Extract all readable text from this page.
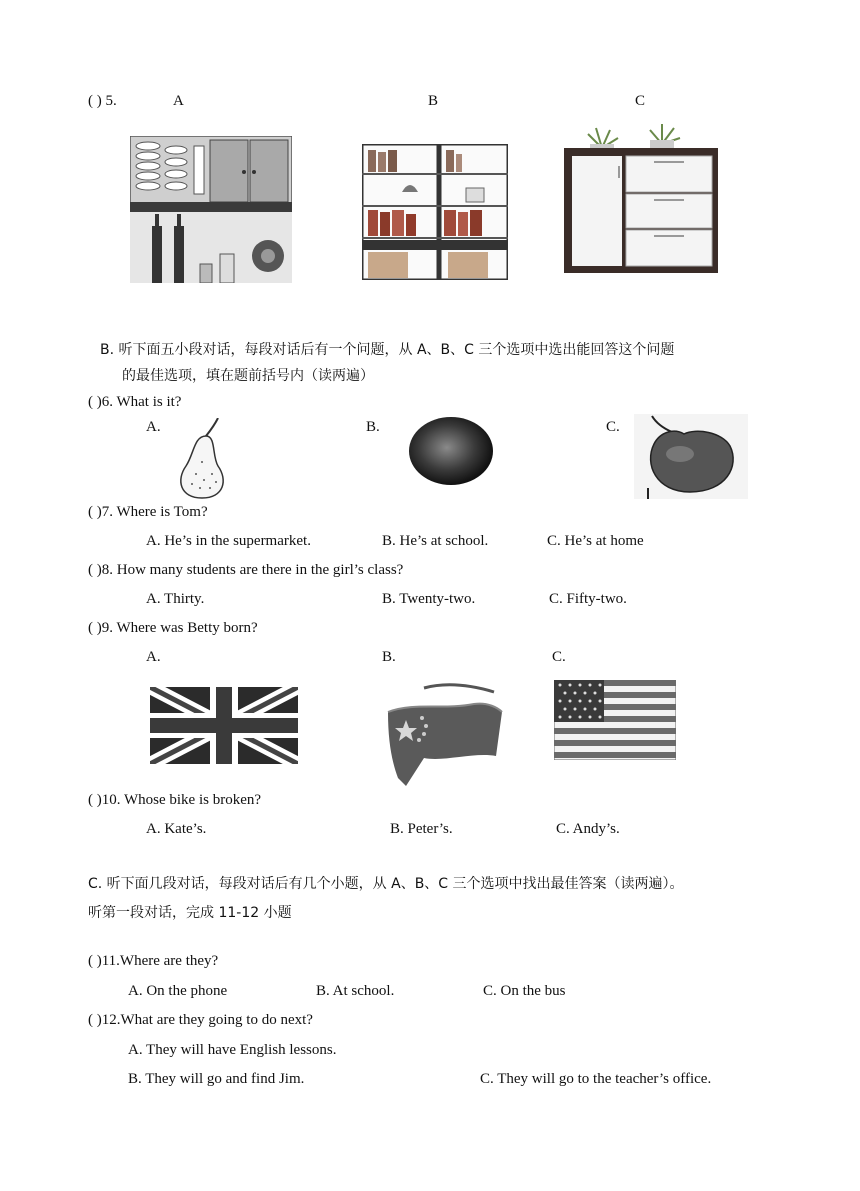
( ) 5.	A	B	C
B. 听下面五小段对话，每段对话后有一个问题，从 A、B、C 三个选项中选出能回答这个问题
的最佳选项，填在题前括号内（读两遍）
( )6. What is it?
A.	B.	C.
( )7. Where is Tom?
A. He’s in the supermarket.	B. He’s at school.	C. He’s at home
( )8. How many students are there in the girl’s class?
A. Thirty.	B. Twenty-two.	C. Fifty-two.
( )9. Where was Betty born?
A.	B.	C.
( )10. Whose bike is broken?
A. Kate’s.	B. Peter’s.	C. Andy’s.
C. 听下面几段对话，每段对话后有几个小题，从 A、B、C 三个选项中找出最佳答案（读两遍）。
听第一段对话，完成 11-12 小题
( )11.Where are they?
A. On the phone	B. At school.	C. On the bus
( )12.What are they going to do next?
A. They will have English lessons.
B. They will go and find Jim.	C. They will go to the teacher’s office.
